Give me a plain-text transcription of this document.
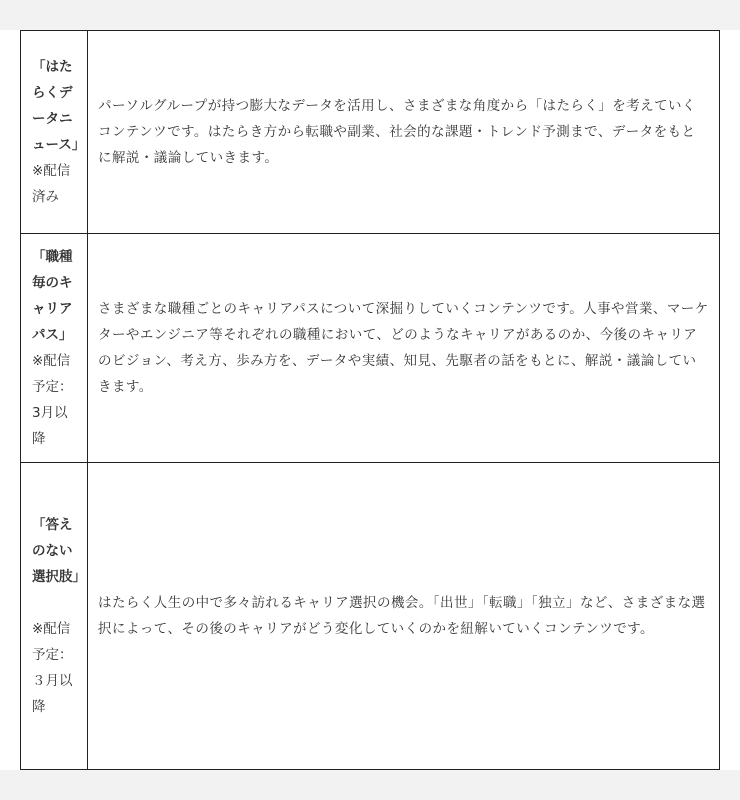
「はたらくデータニュース」
※配信済み	パーソルグループが持つ膨大なデータを活用し、さまざまな角度から「はたらく」を考えていくコンテンツです。はたらき方から転職や副業、社会的な課題・トレンド予測まで、データをもとに解説・議論していきます。

「職種毎のキャリアパス」
※配信予定：3月以降	さまざまな職種ごとのキャリアパスについて深掘りしていくコンテンツです。人事や営業、マーケターやエンジニア等それぞれの職種において、どのようなキャリアがあるのか、今後のキャリアのビジョン、考え方、歩み方を、データや実績、知見、先駆者の話をもとに、解説・議論していきます。

「答えのない選択肢」
※配信予定：３月以降	はたらく人生の中で多々訪れるキャリア選択の機会。「出世」「転職」「独立」など、さまざまな選択によって、その後のキャリアがどう変化していくのかを紐解いていくコンテンツです。
